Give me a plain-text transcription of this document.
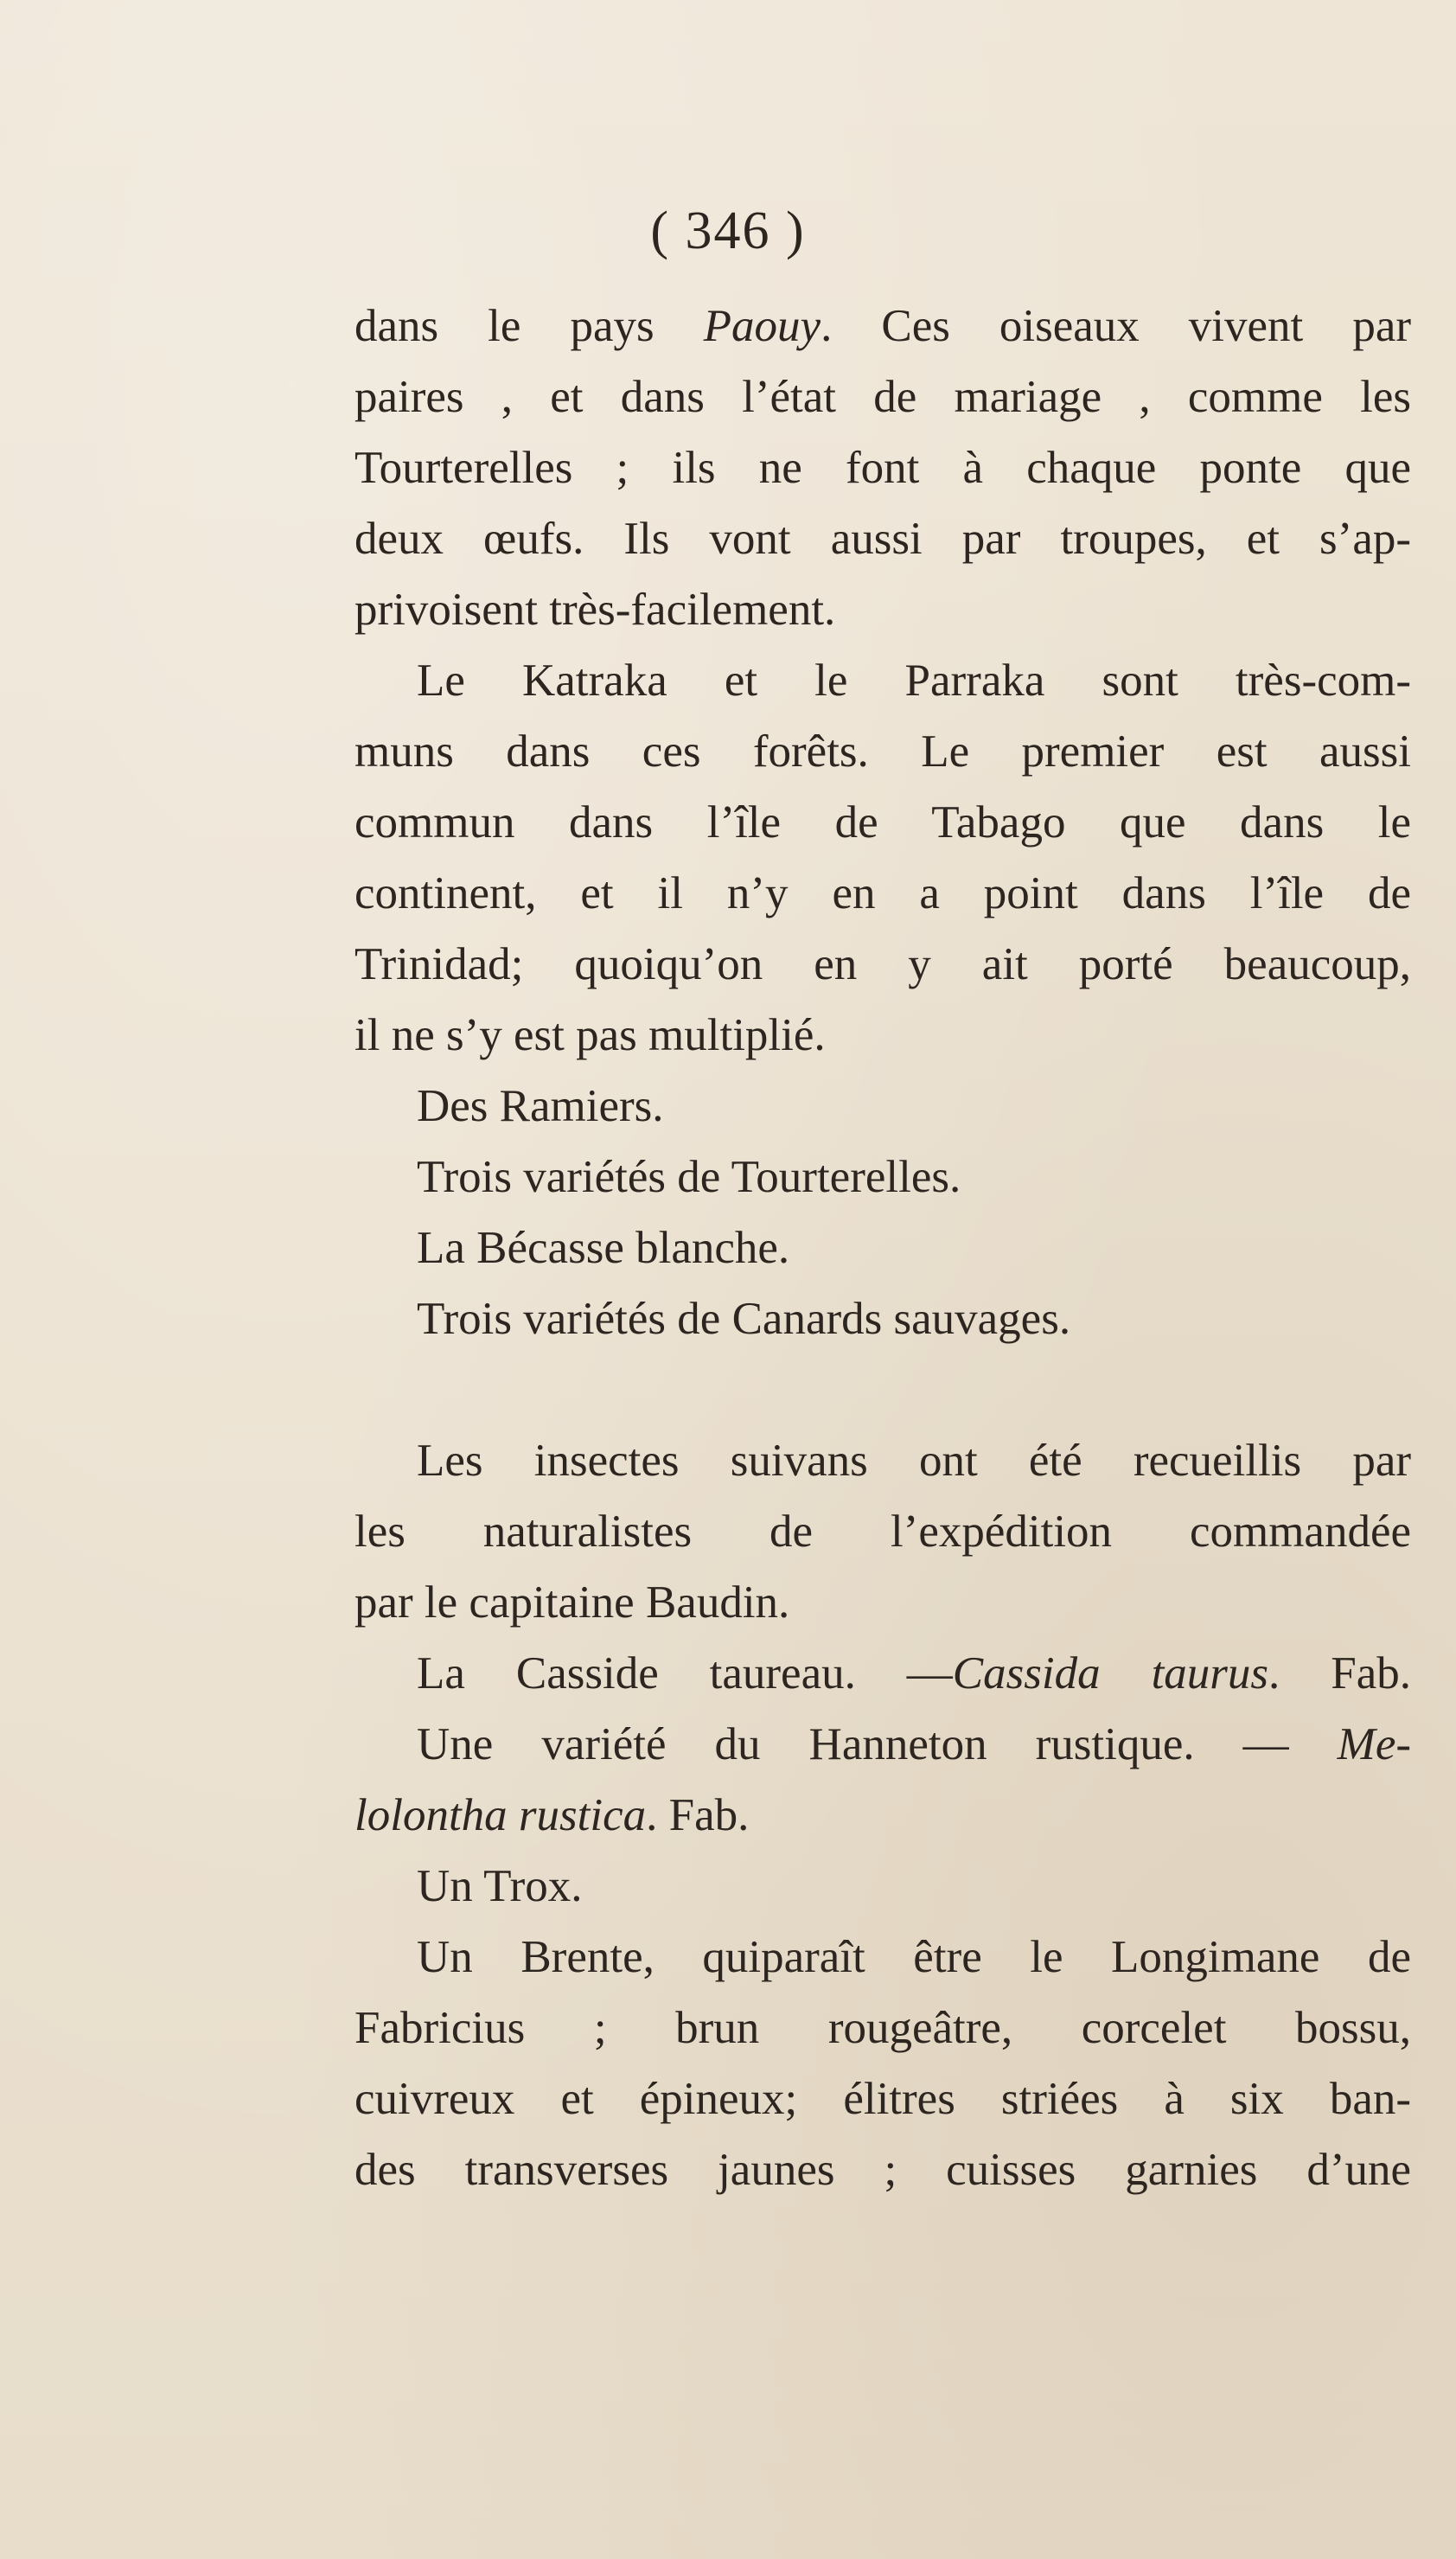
( 346 )
dans le pays Paouy. Ces oiseaux vivent par
paires , et dans l’état de mariage , comme les
Tourterelles ; ils ne font à chaque ponte que
deux œufs. Ils vont aussi par troupes, et s’ap-
privoisent très-facilement.
Le Katraka et le Parraka sont très-com-
muns dans ces forêts. Le premier est aussi
commun dans l’île de Tabago que dans le
continent, et il n’y en a point dans l’île de
Trinidad; quoiqu’on en y ait porté beaucoup,
il ne s’y est pas multiplié.
Des Ramiers.
Trois variétés de Tourterelles.
La Bécasse blanche.
Trois variétés de Canards sauvages.
Les insectes suivans ont été recueillis par
les naturalistes de l’expédition commandée
par le capitaine Baudin.
La Casside taureau. —Cassida taurus. Fab.
Une variété du Hanneton rustique. — Me-
lolontha rustica. Fab.
Un Trox.
Un Brente, quiparaît être le Longimane de
Fabricius ; brun rougeâtre, corcelet bossu,
cuivreux et épineux; élitres striées à six ban-
des transverses jaunes ; cuisses garnies d’une
